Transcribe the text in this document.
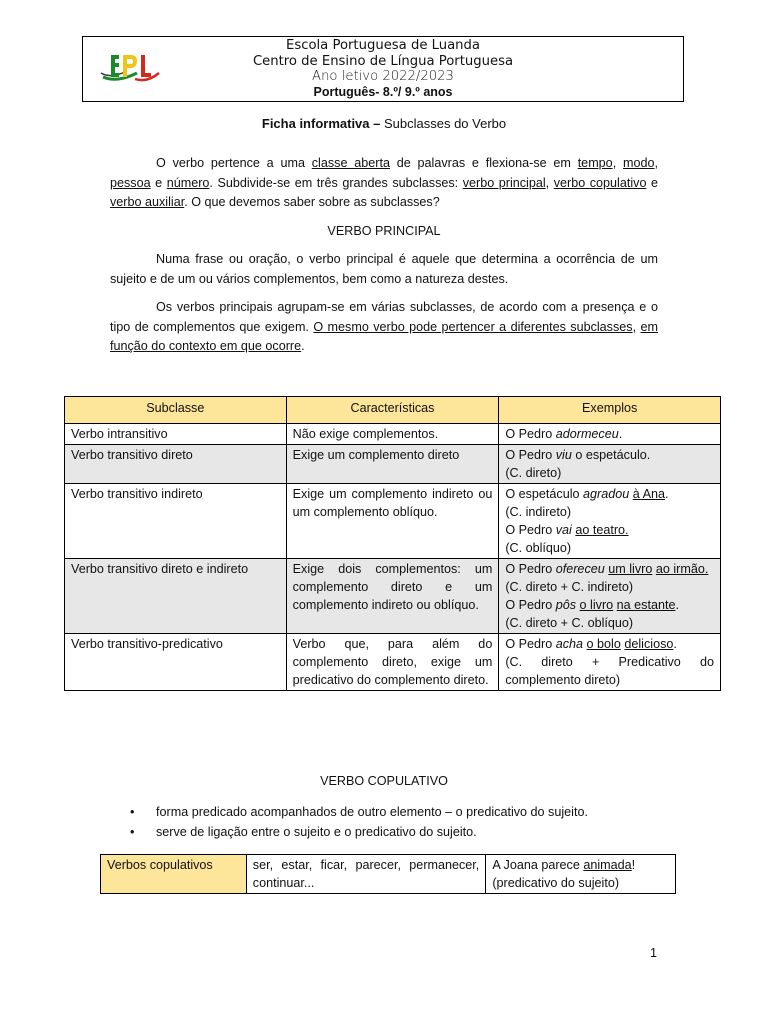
Escola Portuguesa de Luanda
Centro de Ensino de Língua Portuguesa
Ano letivo 2022/2023
Português- 8.º/ 9.º anos
Ficha informativa – Subclasses do Verbo
O verbo pertence a uma classe aberta de palavras e flexiona-se em tempo, modo, pessoa e número. Subdivide-se em três grandes subclasses: verbo principal, verbo copulativo e verbo auxiliar. O que devemos saber sobre as subclasses?
VERBO PRINCIPAL
Numa frase ou oração, o verbo principal é aquele que determina a ocorrência de um sujeito e de um ou vários complementos, bem como a natureza destes.
Os verbos principais agrupam-se em várias subclasses, de acordo com a presença e o tipo de complementos que exigem. O mesmo verbo pode pertencer a diferentes subclasses, em função do contexto em que ocorre.
Subclasse	Características	Exemplos
Verbo intransitivo	Não exige complementos.	O Pedro adormeceu.
Verbo transitivo direto	Exige um complemento direto	O Pedro viu o espetáculo.
(C. direto)
Verbo transitivo indireto	Exige um complemento indireto ou um complemento oblíquo.	O espetáculo agradou à Ana.
(C. indireto)
O Pedro vai ao teatro.
(C. oblíquo)
Verbo transitivo direto e indireto	Exige dois complementos: um complemento direto e um complemento indireto ou oblíquo.	O Pedro ofereceu um livro ao irmão.
(C. direto + C. indireto)
O Pedro pôs o livro na estante.
(C. direto + C. oblíquo)
Verbo transitivo-predicativo	Verbo que, para além do complemento direto, exige um predicativo do complemento direto.	O Pedro acha o bolo delicioso.
(C. direto + Predicativo do complemento direto)
VERBO COPULATIVO
•	forma predicado acompanhados de outro elemento – o predicativo do sujeito.
•	serve de ligação entre o sujeito e o predicativo do sujeito.
Verbos copulativos	ser, estar, ficar, parecer, permanecer, continuar...	A Joana parece animada!
(predicativo do sujeito)
1
